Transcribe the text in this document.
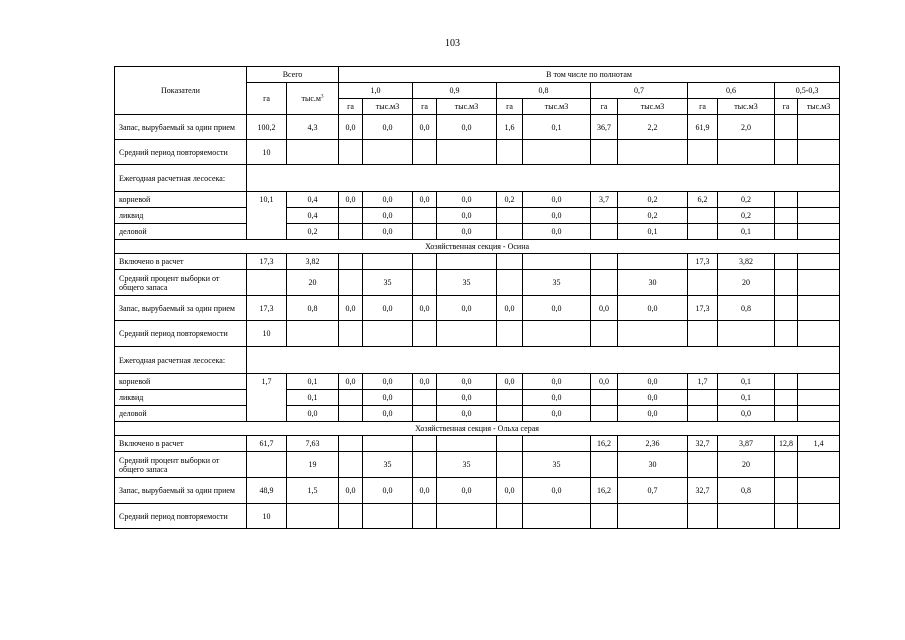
103
Показатели	Всего		В том числе по полнотам											
	га	$тыс.м^3$	1,0		0,9		0,8		0,7		0,6		0,5-0,3	
			га	тыс.м3	га	тыс.м3	га	тыс.м3	га	тыс.м3	га	тыс.м3	га	тыс.м3
Запас, вырубаемый за один прием	100,2	4,3	0,0	0,0	0,0	0,0	1,6	0,1	36,7	2,2	61,9	2,0		
Средний период повторяемости	10													
Ежегодная расчетная лесосека:														
корневой	10,1	0,4	0,0	0,0	0,0	0,0	0,2	0,0	3,7	0,2	6,2	0,2		
ликвид		0,4		0,0		0,0		0,0		0,2		0,2		
деловой		0,2		0,0		0,0		0,0		0,1		0,1		
Хозяйственная секция - Осина														
Включено в расчет	17,3	3,82									17,3	3,82		
Средний процент выборки от общего запаса		20		35		35		35		30		20		
Запас, вырубаемый за один прием	17,3	0,8	0,0	0,0	0,0	0,0	0,0	0,0	0,0	0,0	17,3	0,8		
Средний период повторяемости	10													
Ежегодная расчетная лесосека:														
корневой	1,7	0,1	0,0	0,0	0,0	0,0	0,0	0,0	0,0	0,0	1,7	0,1		
ликвид		0,1		0,0		0,0		0,0		0,0		0,1		
деловой		0,0		0,0		0,0		0,0		0,0		0,0		
Хозяйственная секция - Ольха серая														
Включено в расчет	61,7	7,63							16,2	2,36	32,7	3,87	12,8	1,4
Средний процент выборки от общего запаса		19		35		35		35		30		20		
Запас, вырубаемый за один прием	48,9	1,5	0,0	0,0	0,0	0,0	0,0	0,0	16,2	0,7	32,7	0,8		
Средний период повторяемости	10													
